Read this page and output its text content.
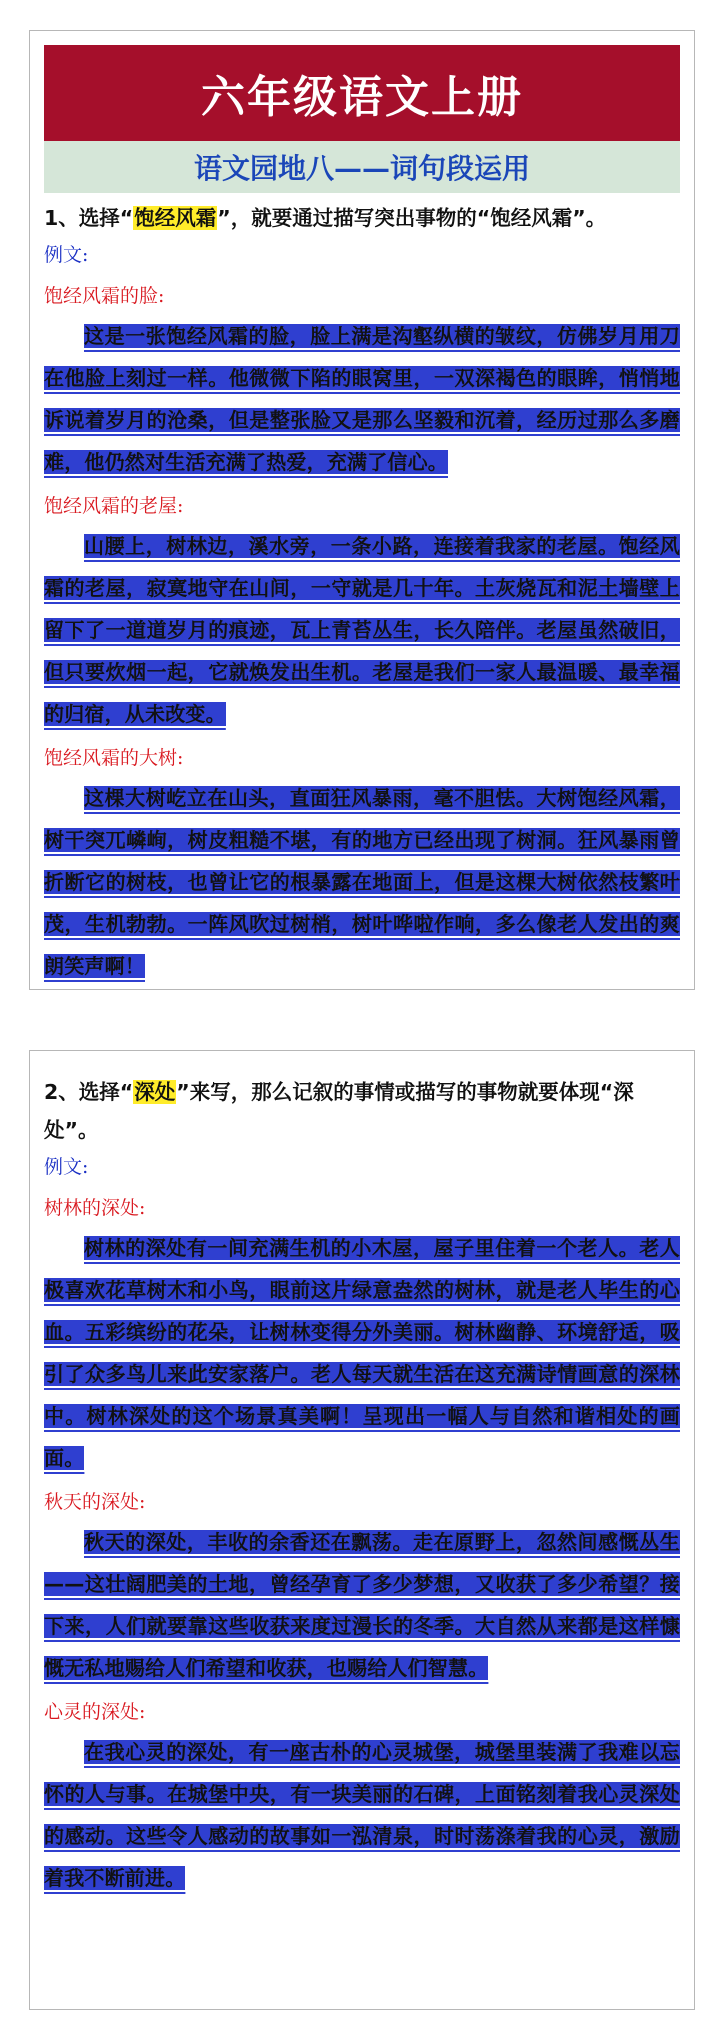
六年级语文上册
语文园地八——词句段运用

1、选择“饱经风霜”，就要通过描写突出事物的“饱经风霜”。

例文:

饱经风霜的脸:

这是一张饱经风霜的脸，脸上满是沟壑纵横的皱纹，仿佛岁月用刀在他脸上刻过一样。他微微下陷的眼窝里，一双深褐色的眼眸，悄悄地诉说着岁月的沧桑，但是整张脸又是那么坚毅和沉着，经历过那么多磨难，他仍然对生活充满了热爱，充满了信心。

饱经风霜的老屋:

山腰上，树林边，溪水旁，一条小路，连接着我家的老屋。饱经风霜的老屋，寂寞地守在山间，一守就是几十年。土灰烧瓦和泥土墙壁上留下了一道道岁月的痕迹，瓦上青苔丛生，长久陪伴。老屋虽然破旧，但只要炊烟一起，它就焕发出生机。老屋是我们一家人最温暖、最幸福的归宿，从未改变。

饱经风霜的大树:

这棵大树屹立在山头，直面狂风暴雨，毫不胆怯。大树饱经风霜，树干突兀嶙峋，树皮粗糙不堪，有的地方已经出现了树洞。狂风暴雨曾折断它的树枝，也曾让它的根暴露在地面上，但是这棵大树依然枝繁叶茂，生机勃勃。一阵风吹过树梢，树叶哗啦作响，多么像老人发出的爽朗笑声啊！

2、选择“深处”来写，那么记叙的事情或描写的事物就要体现“深处”。

例文:

树林的深处:

树林的深处有一间充满生机的小木屋，屋子里住着一个老人。老人极喜欢花草树木和小鸟，眼前这片绿意盎然的树林，就是老人毕生的心血。五彩缤纷的花朵，让树林变得分外美丽。树林幽静、环境舒适，吸引了众多鸟儿来此安家落户。老人每天就生活在这充满诗情画意的深林中。树林深处的这个场景真美啊！呈现出一幅人与自然和谐相处的画面。

秋天的深处:

秋天的深处，丰收的余香还在飘荡。走在原野上，忽然间感慨丛生——这壮阔肥美的土地，曾经孕育了多少梦想，又收获了多少希望？接下来，人们就要靠这些收获来度过漫长的冬季。大自然从来都是这样慷慨无私地赐给人们希望和收获，也赐给人们智慧。

心灵的深处:

在我心灵的深处，有一座古朴的心灵城堡，城堡里装满了我难以忘怀的人与事。在城堡中央，有一块美丽的石碑，上面铭刻着我心灵深处的感动。这些令人感动的故事如一泓清泉，时时荡涤着我的心灵，激励着我不断前进。
